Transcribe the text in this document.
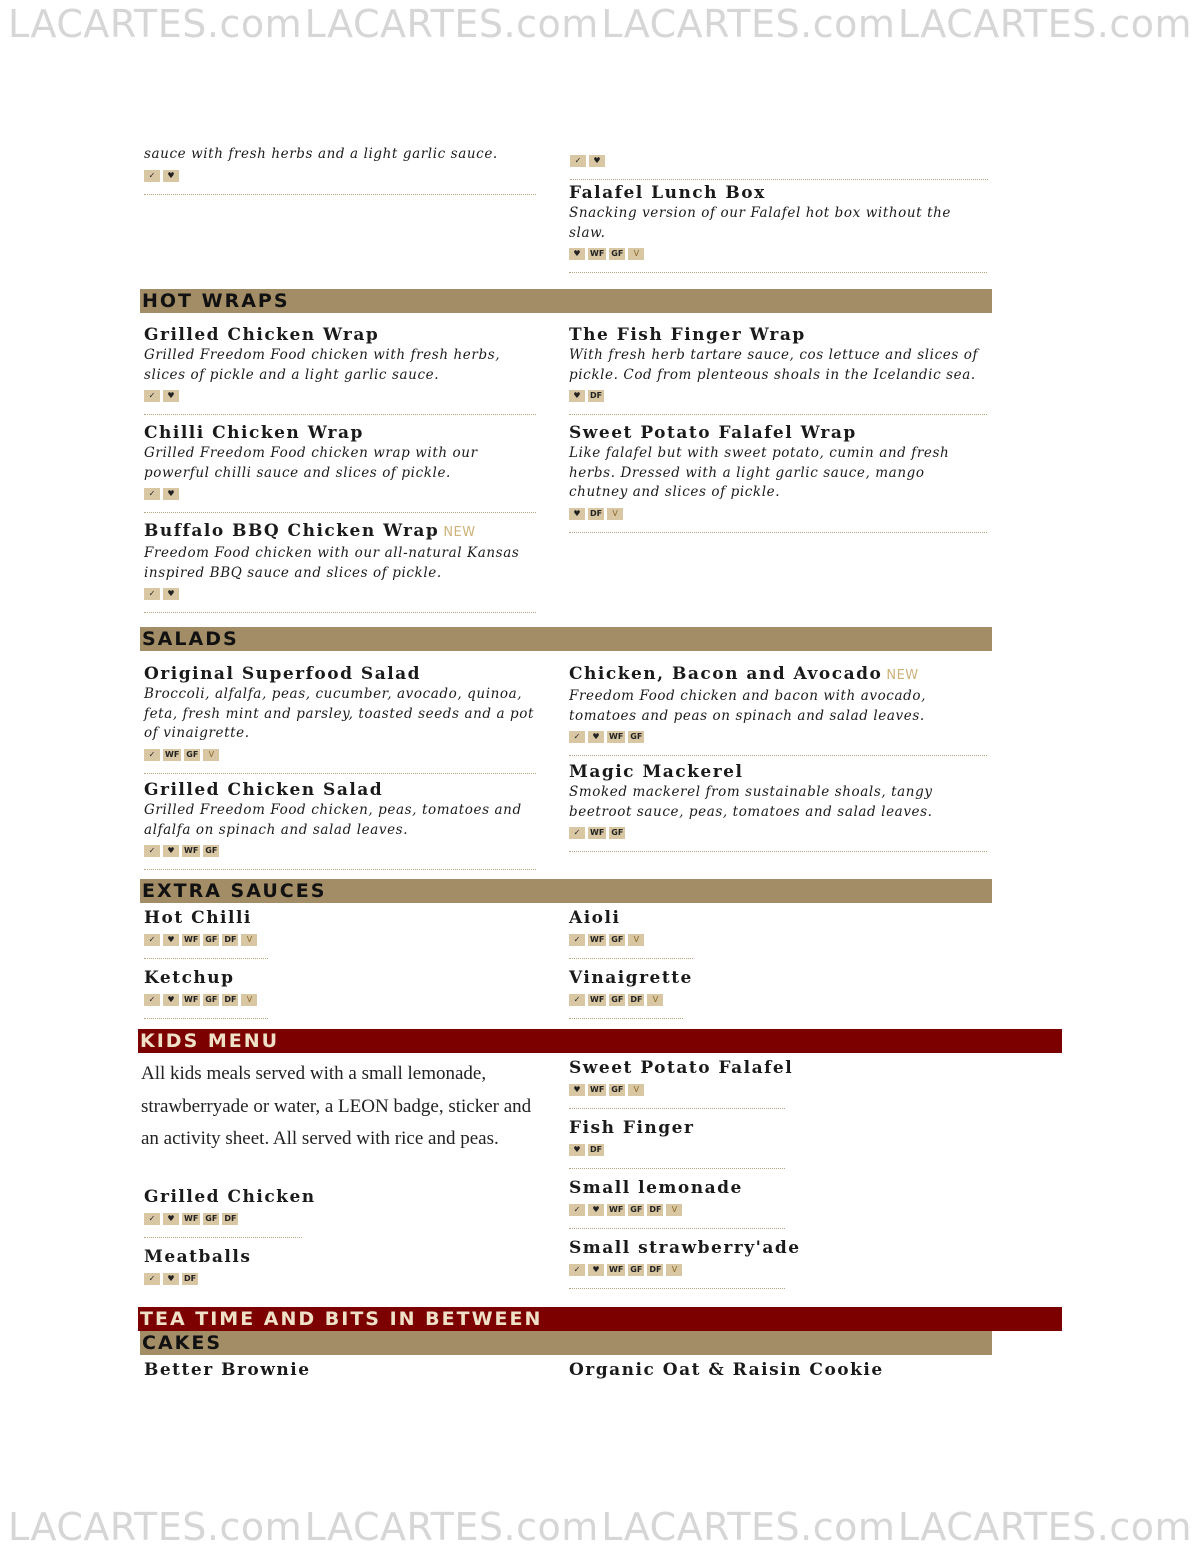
LACARTES.com LACARTES.com LACARTES.com LACARTES.com
sauce with fresh herbs and a light garlic sauce.
✓	♥
✓	♥
Falafel Lunch Box
Snacking version of our Falafel hot box without the slaw.
♥	WF GF	V
HOT WRAPS
Grilled Chicken Wrap
Grilled Freedom Food chicken with fresh herbs, slices of pickle and a light garlic sauce.
✓	♥
Chilli Chicken Wrap
Grilled Freedom Food chicken wrap with our powerful chilli sauce and slices of pickle.
✓	♥
Buffalo BBQ Chicken Wrap NEW
Freedom Food chicken with our all-natural Kansas inspired BBQ sauce and slices of pickle.
✓	♥
The Fish Finger Wrap
With fresh herb tartare sauce, cos lettuce and slices of pickle. Cod from plenteous shoals in the Icelandic sea.
♥	DF
Sweet Potato Falafel Wrap
Like falafel but with sweet potato, cumin and fresh herbs. Dressed with a light garlic sauce, mango chutney and slices of pickle.
♥	DF	V
SALADS
Original Superfood Salad
Broccoli, alfalfa, peas, cucumber, avocado, quinoa, feta, fresh mint and parsley, toasted seeds and a pot of vinaigrette.
✓	WF GF	V
Grilled Chicken Salad
Grilled Freedom Food chicken, peas, tomatoes and alfalfa on spinach and salad leaves.
✓	♥	WF GF
Chicken, Bacon and Avocado NEW
Freedom Food chicken and bacon with avocado, tomatoes and peas on spinach and salad leaves.
✓	♥	WF GF
Magic Mackerel
Smoked mackerel from sustainable shoals, tangy beetroot sauce, peas, tomatoes and salad leaves.
✓	WF GF
EXTRA SAUCES
Hot Chilli
✓	♥	WF GF DF	V
Ketchup
✓	♥	WF GF DF	V
Aioli
✓	WF GF	V
Vinaigrette
✓	WF GF DF	V
KIDS MENU
All kids meals served with a small lemonade, strawberryade or water, a LEON badge, sticker and an activity sheet. All served with rice and peas.
Grilled Chicken
✓	♥	WF GF DF
Meatballs
✓	♥	DF
Sweet Potato Falafel
♥	WF GF	V
Fish Finger
♥	DF
Small lemonade
✓	♥	WF GF DF	V
Small strawberry'ade
✓	♥	WF GF DF	V
TEA TIME AND BITS IN BETWEEN
CAKES
Better Brownie	Organic Oat & Raisin Cookie
LACARTES.com LACARTES.com LACARTES.com LACARTES.com
